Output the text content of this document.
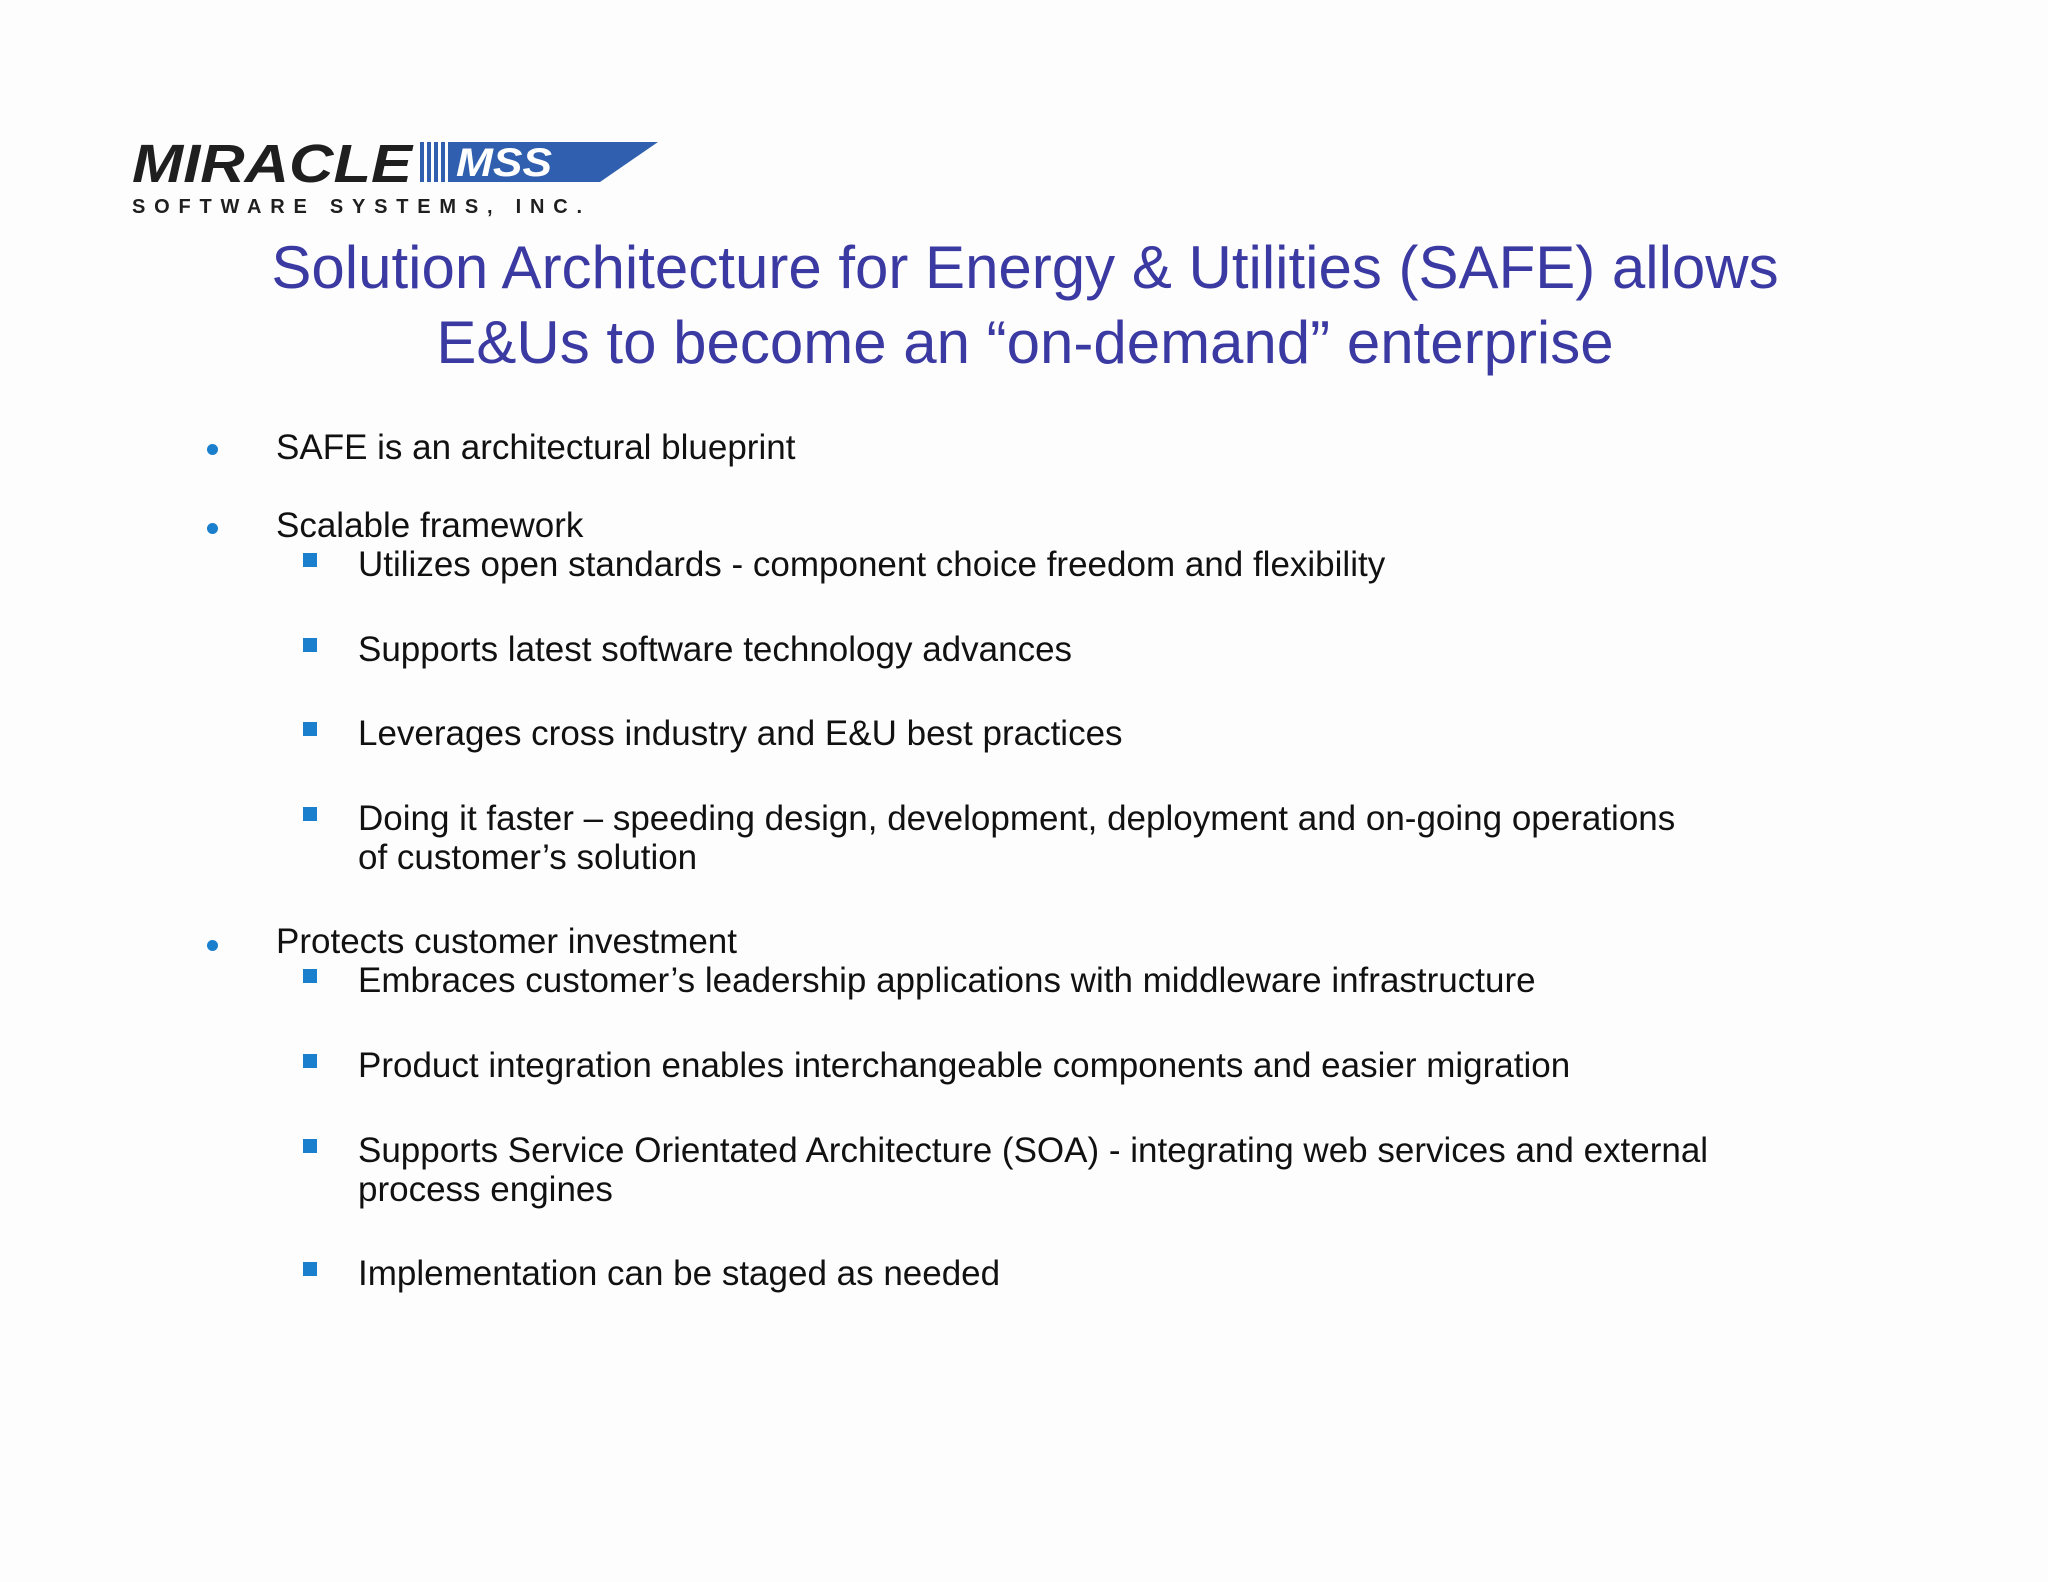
MIRACLE MSS
SOFTWARE SYSTEMS, INC.
Solution Architecture for Energy & Utilities (SAFE) allows
E&Us to become an “on-demand” enterprise
SAFE is an architectural blueprint
Scalable framework
Utilizes open standards - component choice freedom and flexibility
Supports latest software technology advances
Leverages cross industry and E&U best practices
Doing it faster – speeding design, development, deployment and on-going operations
of customer’s solution
Protects customer investment
Embraces customer’s leadership applications with middleware infrastructure
Product integration enables interchangeable components and easier migration
Supports Service Orientated Architecture (SOA) - integrating web services and external
process engines
Implementation can be staged as needed
